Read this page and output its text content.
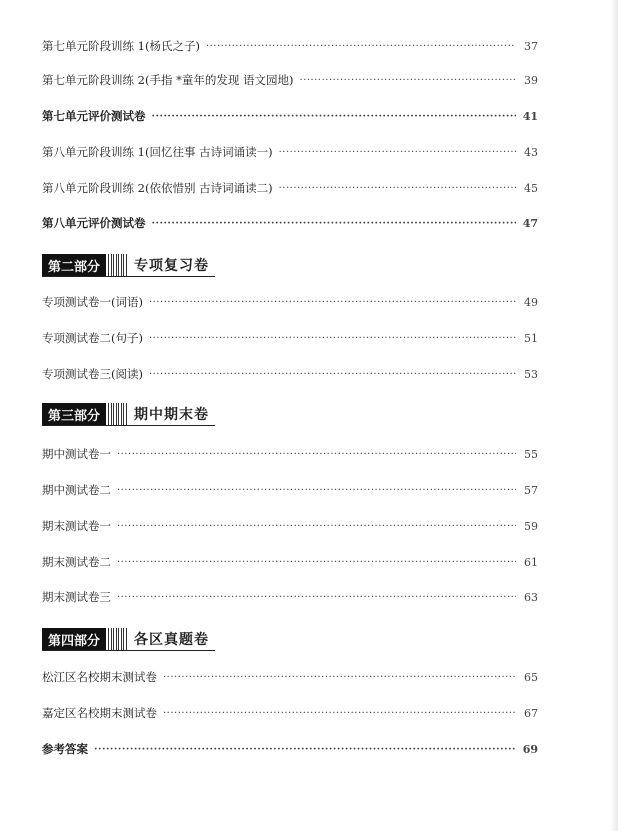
第七单元阶段训练 1(杨氏之子) ·····	37
第七单元阶段训练 2(手指 *童年的发现 语文园地) ·····	39
第七单元评价测试卷 ·····	41
第八单元阶段训练 1(回忆往事 古诗词诵读一) ·····	43
第八单元阶段训练 2(依依惜别 古诗词诵读二) ·····	45
第八单元评价测试卷 ·····	47
第二部分	专项复习卷
专项测试卷一(词语) ·····	49
专项测试卷二(句子) ·····	51
专项测试卷三(阅读) ·····	53
第三部分	期中期末卷
期中测试卷一 ·····	55
期中测试卷二 ·····	57
期末测试卷一 ·····	59
期末测试卷二 ·····	61
期末测试卷三 ·····	63
第四部分	各区真题卷
松江区名校期末测试卷 ·····	65
嘉定区名校期末测试卷 ·····	67
参考答案 ·····	69
